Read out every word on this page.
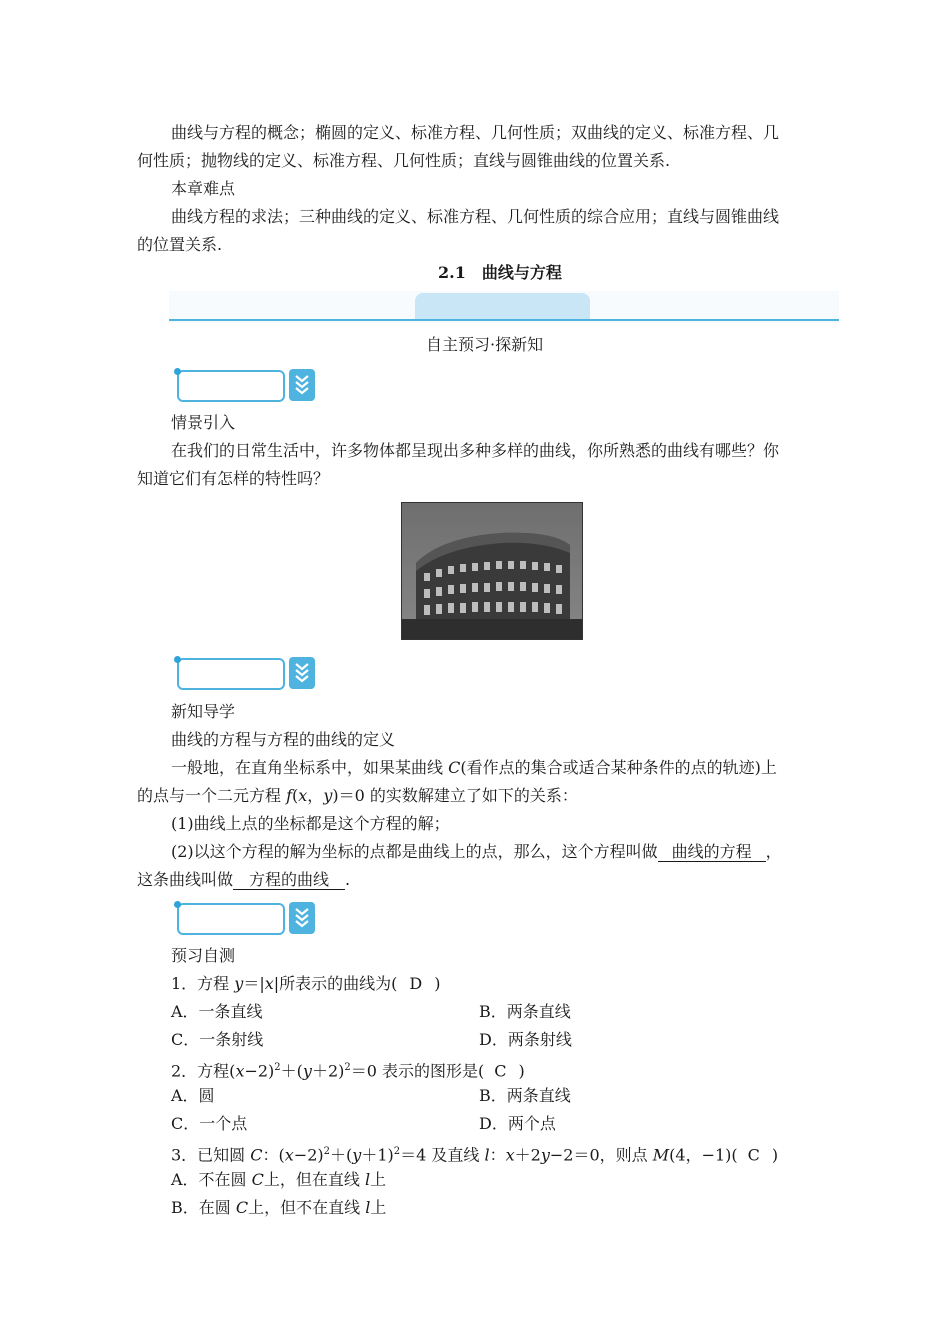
曲线与方程的概念；椭圆的定义、标准方程、几何性质；双曲线的定义、标准方程、几
何性质；抛物线的定义、标准方程、几何性质；直线与圆锥曲线的位置关系.
本章难点
曲线方程的求法；三种曲线的定义、标准方程、几何性质的综合应用；直线与圆锥曲线
的位置关系.
2.1 曲线与方程
自主预习·探新知
情景引入
在我们的日常生活中，许多物体都呈现出多种多样的曲线，你所熟悉的曲线有哪些？你
知道它们有怎样的特性吗？
新知导学
曲线的方程与方程的曲线的定义
一般地，在直角坐标系中，如果某曲线 C(看作点的集合或适合某种条件的点的轨迹)上
的点与一个二元方程 f(x，y)＝0 的实数解建立了如下的关系：
(1)曲线上点的坐标都是这个方程的解；
(2)以这个方程的解为坐标的点都是曲线上的点，那么，这个方程叫做 曲线的方程 ，
这条曲线叫做 方程的曲线 .
预习自测
1．方程 y＝|x|所表示的曲线为( D )
A．一条直线	B．两条直线
C．一条射线	D．两条射线
2．方程$(x-2)^2+(y+2)^2=0$ 表示的图形是( C )
A．圆	B．两条直线
C．一个点	D．两个点
3．已知圆 C：$(x-2)^2+(y+1)^2=4$ 及直线 l：x＋2y−2＝0，则点 M(4，−1)( C )
A．不在圆 C上，但在直线 l上
B．在圆 C上，但不在直线 l上
